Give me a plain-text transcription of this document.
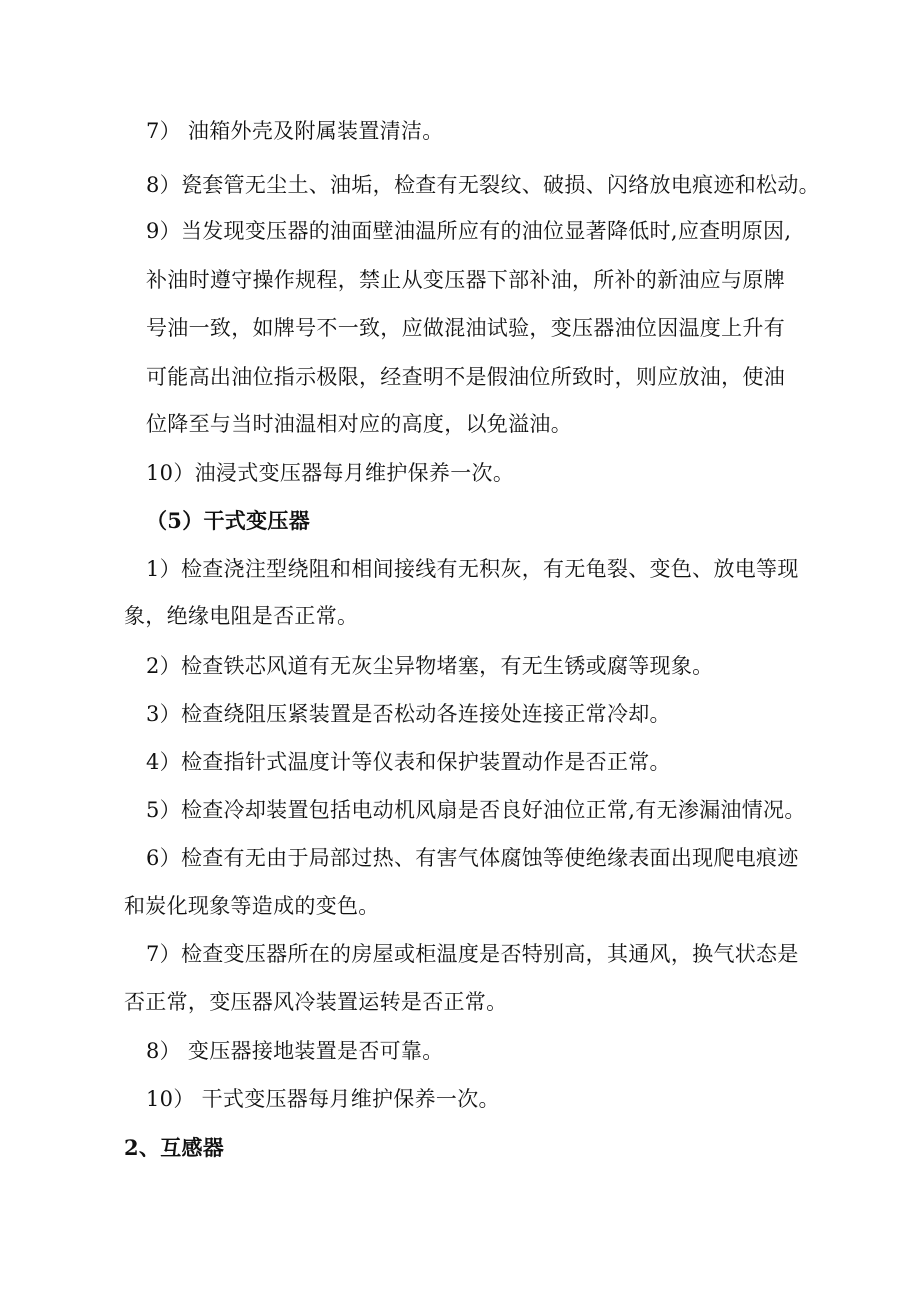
7） 油箱外壳及附属装置清洁。
8）瓷套管无尘土、油垢，检查有无裂纹、破损、闪络放电痕迹和松动。
9）当发现变压器的油面壁油温所应有的油位显著降低时,应查明原因,
补油时遵守操作规程，禁止从变压器下部补油，所补的新油应与原牌
号油一致，如牌号不一致，应做混油试验，变压器油位因温度上升有
可能高出油位指示极限，经查明不是假油位所致时，则应放油，使油
位降至与当时油温相对应的高度，以免溢油。
10）油浸式变压器每月维护保养一次。
（5）干式变压器
1）检查浇注型绕阻和相间接线有无积灰，有无龟裂、变色、放电等现
象，绝缘电阻是否正常。
2）检查铁芯风道有无灰尘异物堵塞，有无生锈或腐等现象。
3）检查绕阻压紧装置是否松动各连接处连接正常冷却。
4）检查指针式温度计等仪表和保护装置动作是否正常。
5）检查冷却装置包括电动机风扇是否良好油位正常,有无渗漏油情况。
6）检查有无由于局部过热、有害气体腐蚀等使绝缘表面出现爬电痕迹
和炭化现象等造成的变色。
7）检查变压器所在的房屋或柜温度是否特别高，其通风，换气状态是
否正常，变压器风冷装置运转是否正常。
8） 变压器接地装置是否可靠。
10） 干式变压器每月维护保养一次。
2、互感器
